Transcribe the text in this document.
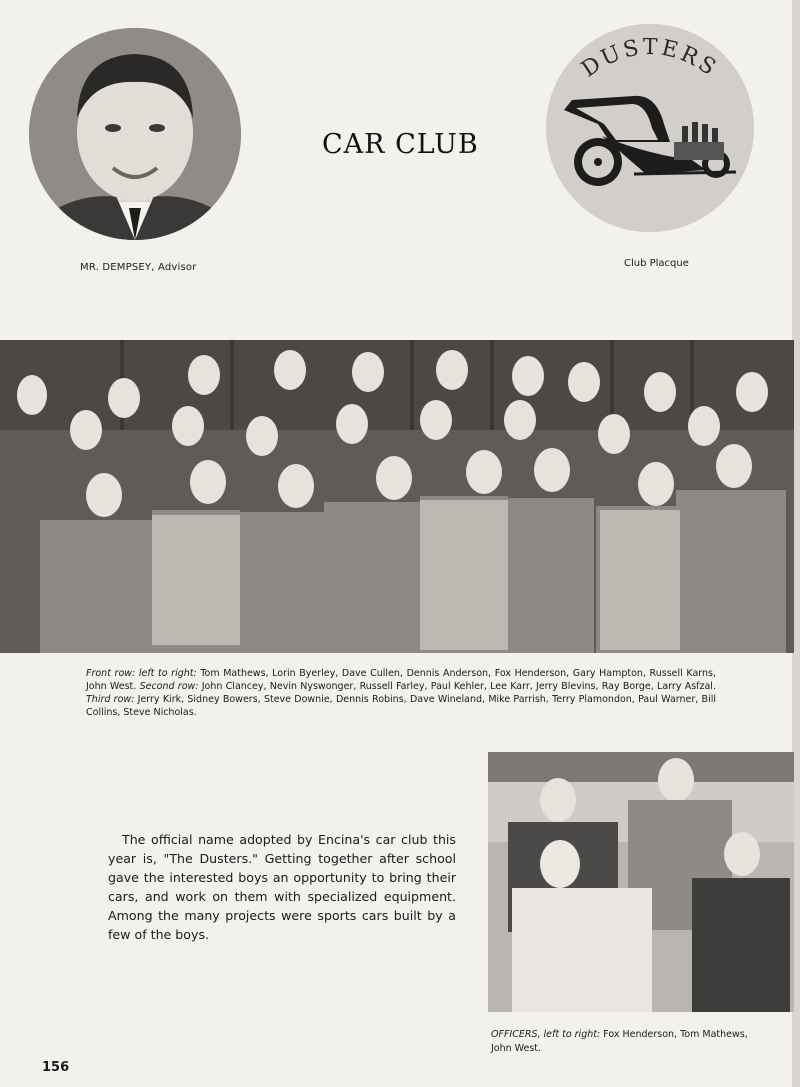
MR. DEMPSEY, Advisor
CAR CLUB
DUSTERS
Club Placque
Front row: left to right: Tom Mathews, Lorin Byerley, Dave Cullen, Dennis Anderson, Fox Henderson, Gary Hampton, Russell Karns, John West. Second row: John Clancey, Nevin Nyswonger, Russell Farley, Paul Kehler, Lee Karr, Jerry Blevins, Ray Borge, Larry Asfzal. Third row: Jerry Kirk, Sidney Bowers, Steve Downie, Dennis Robins, Dave Wineland, Mike Parrish, Terry Plamondon, Paul Warner, Bill Collins, Steve Nicholas.
The official name adopted by Encina's car club this year is, "The Dusters." Getting together after school gave the interested boys an opportunity to bring their cars, and work on them with specialized equipment. Among the many projects were sports cars built by a few of the boys.
OFFICERS, left to right: Fox Henderson, Tom Mathews, John West.
156
